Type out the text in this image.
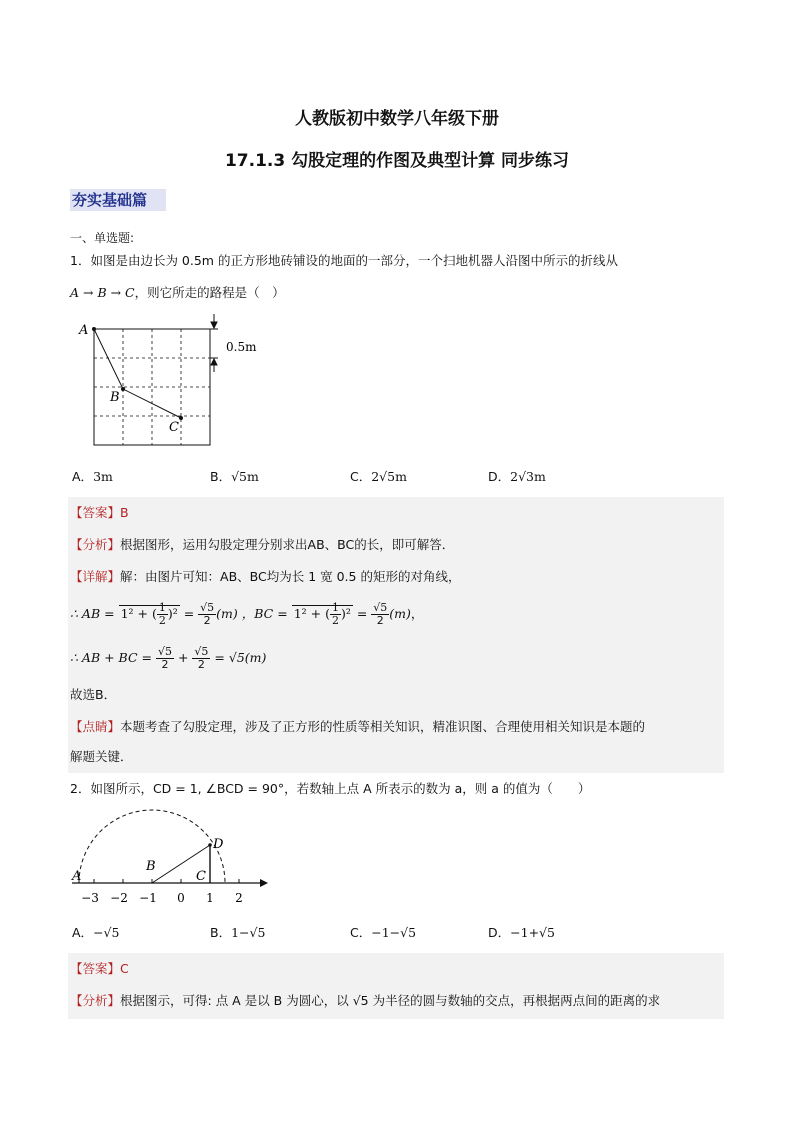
人教版初中数学八年级下册
17.1.3 勾股定理的作图及典型计算 同步练习
夯实基础篇
一、单选题:
1．如图是由边长为 0.5m 的正方形地砖铺设的地面的一部分，一个扫地机器人沿图中所示的折线从
A → B → C，则它所走的路程是（　）
A
B
C
0.5m
A．3m	B．√5m	C．2√5m	D．2√3m
【答案】B
【分析】根据图形，运用勾股定理分别求出AB、BC的长，即可解答．
【详解】解：由图片可知：AB、BC均为长 1 宽 0.5 的矩形的对角线，
∴ AB = 1² + ( $\frac{1}{2} )^2 = \frac{√5}{2} (m)$ ，BC = 1² + ( $\frac{1}{2} )^2 = \frac{√5}{2} (m)$，
∴ AB + BC = $\frac{√5}{2} + \frac{√5}{2} = √5(m)$
故选B．
【点睛】本题考查了勾股定理，涉及了正方形的性质等相关知识，精准识图、合理使用相关知识是本题的
解题关键．
2．如图所示，CD = 1, ∠BCD = 90°，若数轴上点 A 所表示的数为 a，则 a 的值为（　　）
A
B
C
D
−3 −2 −1 0 1 2
A．−√5	B．1−√5	C．−1−√5	D．−1+√5
【答案】C
【分析】根据图示，可得: 点 A 是以 B 为圆心，以 √5 为半径的圆与数轴的交点，再根据两点间的距离的求
